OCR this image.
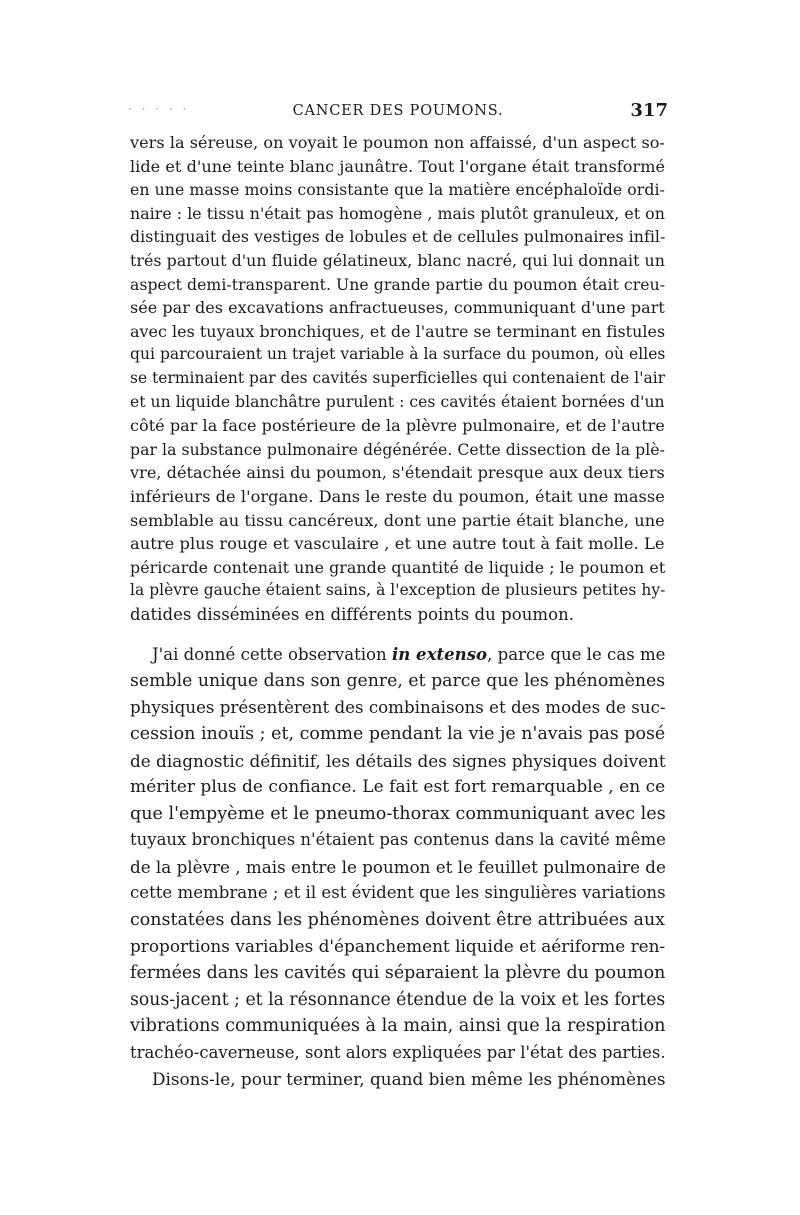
· · · · ·	CANCER DES POUMONS.	317
vers la séreuse, on voyait le poumon non affaissé, d'un aspect so-
lide et d'une teinte blanc jaunâtre. Tout l'organe était transformé
en une masse moins consistante que la matière encéphaloïde ordi-
naire : le tissu n'était pas homogène , mais plutôt granuleux, et on
distinguait des vestiges de lobules et de cellules pulmonaires infil-
trés partout d'un fluide gélatineux, blanc nacré, qui lui donnait un
aspect demi-transparent. Une grande partie du poumon était creu-
sée par des excavations anfractueuses, communiquant d'une part
avec les tuyaux bronchiques, et de l'autre se terminant en fistules
qui parcouraient un trajet variable à la surface du poumon, où elles
se terminaient par des cavités superficielles qui contenaient de l'air
et un liquide blanchâtre purulent : ces cavités étaient bornées d'un
côté par la face postérieure de la plèvre pulmonaire, et de l'autre
par la substance pulmonaire dégénérée. Cette dissection de la plè-
vre, détachée ainsi du poumon, s'étendait presque aux deux tiers
inférieurs de l'organe. Dans le reste du poumon, était une masse
semblable au tissu cancéreux, dont une partie était blanche, une
autre plus rouge et vasculaire , et une autre tout à fait molle. Le
péricarde contenait une grande quantité de liquide ; le poumon et
la plèvre gauche étaient sains, à l'exception de plusieurs petites hy-
datides disséminées en différents points du poumon.
J'ai donné cette observation in extenso, parce que le cas me
semble unique dans son genre, et parce que les phénomènes
physiques présentèrent des combinaisons et des modes de suc-
cession inouïs ; et, comme pendant la vie je n'avais pas posé
de diagnostic définitif, les détails des signes physiques doivent
mériter plus de confiance. Le fait est fort remarquable , en ce
que l'empyème et le pneumo-thorax communiquant avec les
tuyaux bronchiques n'étaient pas contenus dans la cavité même
de la plèvre , mais entre le poumon et le feuillet pulmonaire de
cette membrane ; et il est évident que les singulières variations
constatées dans les phénomènes doivent être attribuées aux
proportions variables d'épanchement liquide et aériforme ren-
fermées dans les cavités qui séparaient la plèvre du poumon
sous-jacent ; et la résonnance étendue de la voix et les fortes
vibrations communiquées à la main, ainsi que la respiration
trachéo-caverneuse, sont alors expliquées par l'état des parties.
Disons-le, pour terminer, quand bien même les phénomènes
